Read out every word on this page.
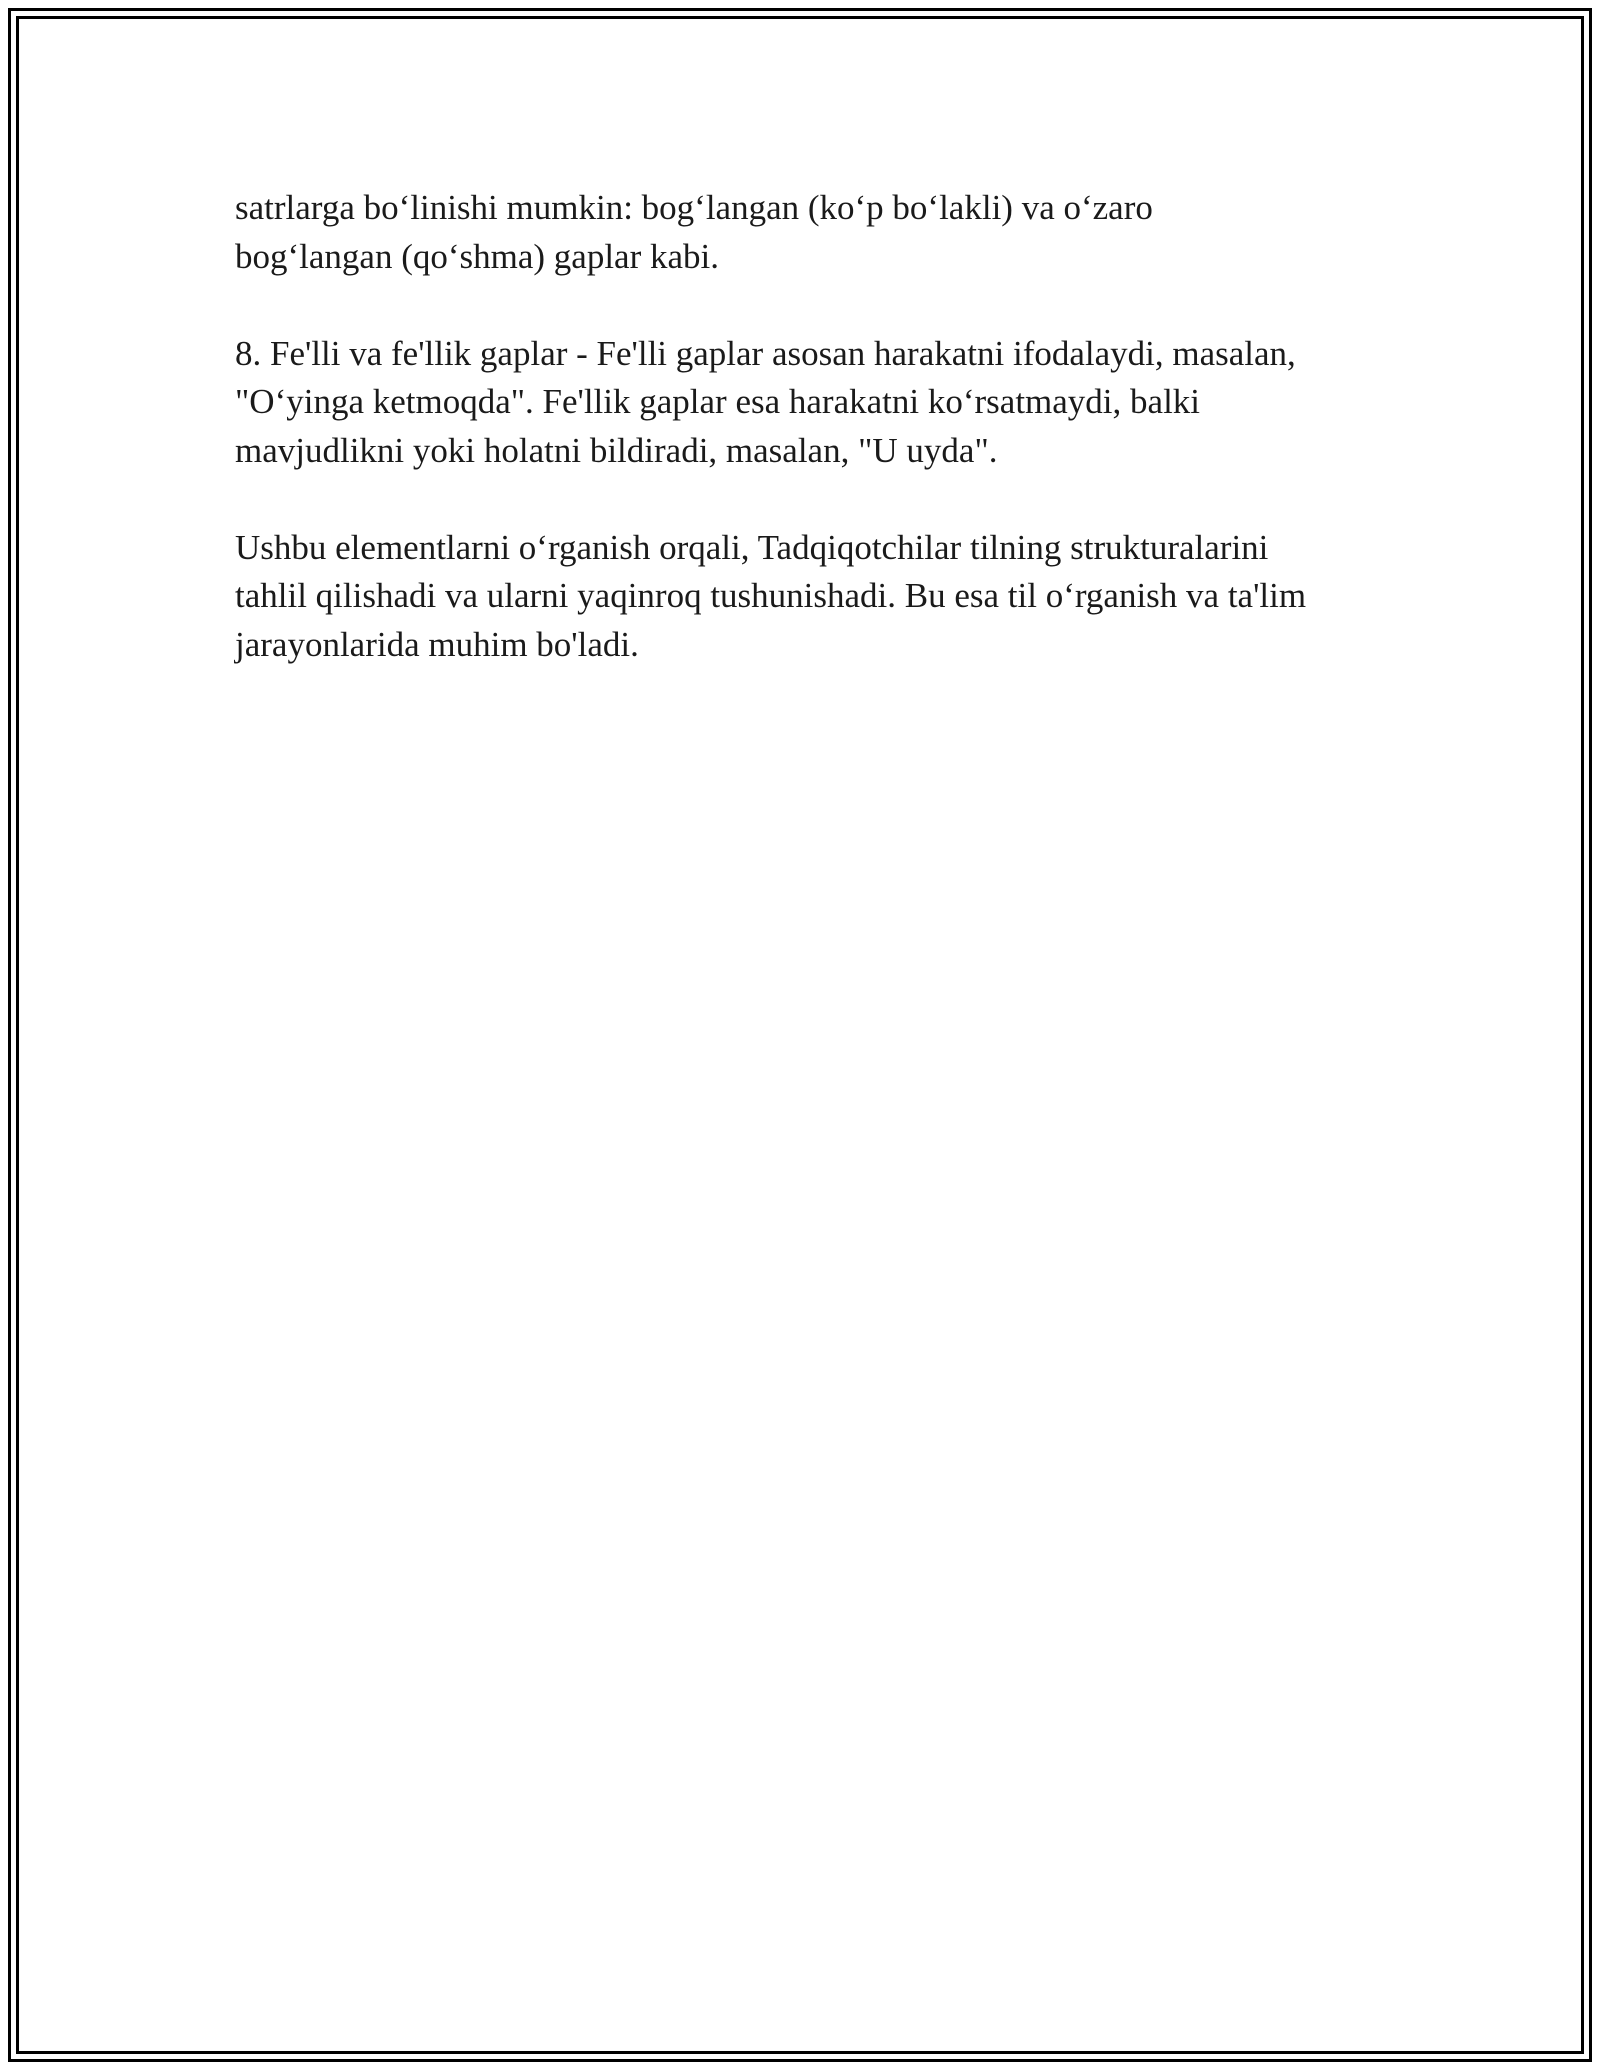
satrlarga bo‘linishi mumkin: bog‘langan (ko‘p bo‘lakli) va o‘zaro
bog‘langan (qo‘shma) gaplar kabi.

8. Fe'lli va fe'llik gaplar - Fe'lli gaplar asosan harakatni ifodalaydi, masalan,
"O‘yinga ketmoqda". Fe'llik gaplar esa harakatni ko‘rsatmaydi, balki
mavjudlikni yoki holatni bildiradi, masalan, "U uyda".

Ushbu elementlarni o‘rganish orqali, Tadqiqotchilar tilning strukturalarini
tahlil qilishadi va ularni yaqinroq tushunishadi. Bu esa til o‘rganish va ta'lim
jarayonlarida muhim bo'ladi.
